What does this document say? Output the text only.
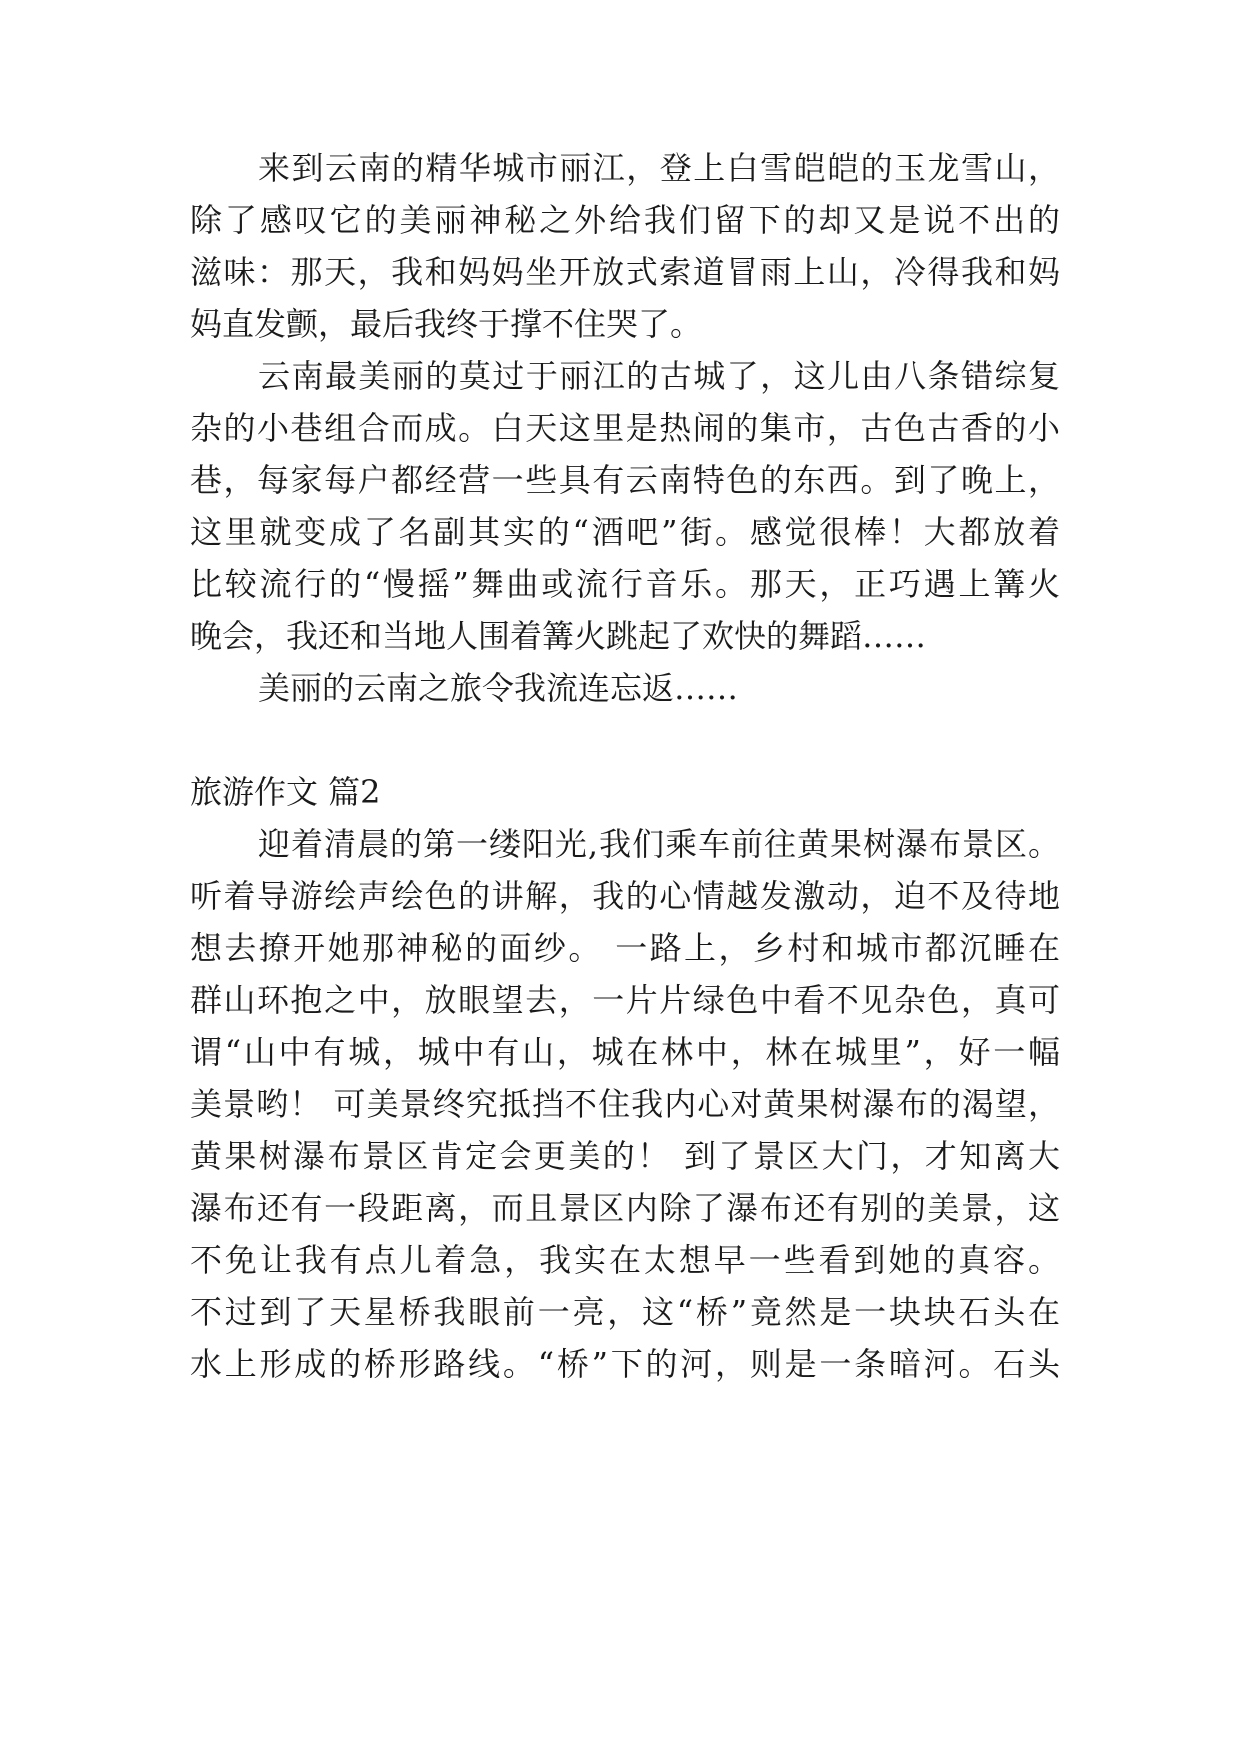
来到云南的精华城市丽江，登上白雪皑皑的玉龙雪山，
除了感叹它的美丽神秘之外给我们留下的却又是说不出的
滋味：那天，我和妈妈坐开放式索道冒雨上山，冷得我和妈
妈直发颤，最后我终于撑不住哭了。
云南最美丽的莫过于丽江的古城了，这儿由八条错综复
杂的小巷组合而成。白天这里是热闹的集市，古色古香的小
巷，每家每户都经营一些具有云南特色的东西。到了晚上，
这里就变成了名副其实的“酒吧”街。感觉很棒！大都放着
比较流行的“慢摇”舞曲或流行音乐。那天，正巧遇上篝火
晚会，我还和当地人围着篝火跳起了欢快的舞蹈……
美丽的云南之旅令我流连忘返……
旅游作文 篇2
迎着清晨的第一缕阳光,我们乘车前往黄果树瀑布景区。
听着导游绘声绘色的讲解，我的心情越发激动，迫不及待地
想去撩开她那神秘的面纱。 一路上，乡村和城市都沉睡在
群山环抱之中，放眼望去，一片片绿色中看不见杂色，真可
谓“山中有城，城中有山，城在林中，林在城里”，好一幅
美景哟！ 可美景终究抵挡不住我内心对黄果树瀑布的渴望，
黄果树瀑布景区肯定会更美的！ 到了景区大门，才知离大
瀑布还有一段距离，而且景区内除了瀑布还有别的美景，这
不免让我有点儿着急，我实在太想早一些看到她的真容。
不过到了天星桥我眼前一亮，这“桥”竟然是一块块石头在
水上形成的桥形路线。“桥”下的河，则是一条暗河。石头
